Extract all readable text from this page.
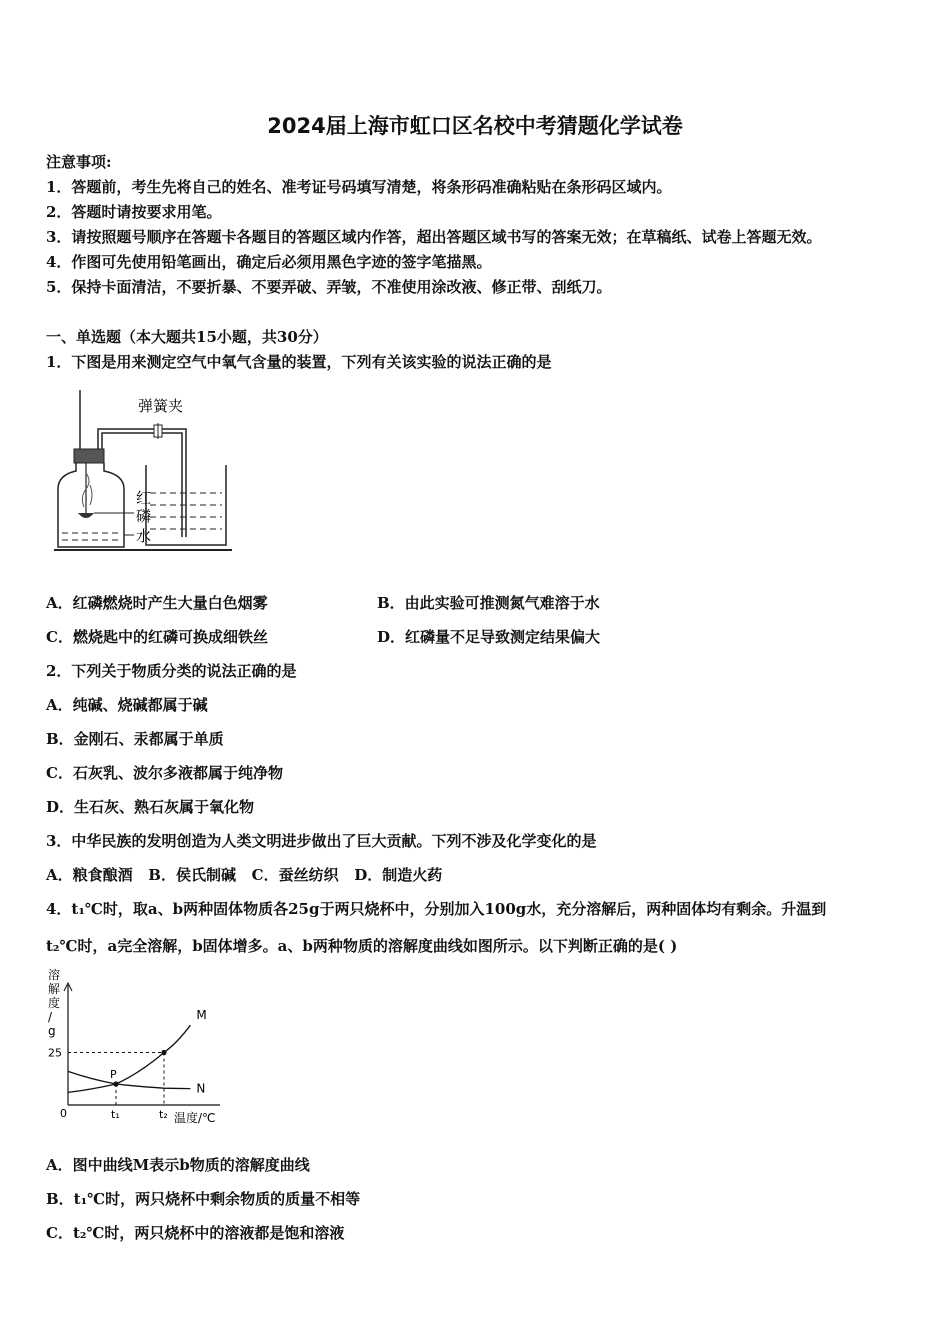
2024届上海市虹口区名校中考猜题化学试卷
注意事项:
1．答题前，考生先将自己的姓名、准考证号码填写清楚，将条形码准确粘贴在条形码区域内。
2．答题时请按要求用笔。
3．请按照题号顺序在答题卡各题目的答题区域内作答，超出答题区域书写的答案无效；在草稿纸、试卷上答题无效。
4．作图可先使用铅笔画出，确定后必须用黑色字迹的签字笔描黑。
5．保持卡面清洁，不要折暴、不要弄破、弄皱，不准使用涂改液、修正带、刮纸刀。
一、单选题（本大题共15小题，共30分）
1．下图是用来测定空气中氧气含量的装置，下列有关该实验的说法正确的是
弹簧夹
红
磷
水
A．红磷燃烧时产生大量白色烟雾	B．由此实验可推测氮气难溶于水
C．燃烧匙中的红磷可换成细铁丝	D．红磷量不足导致测定结果偏大
2．下列关于物质分类的说法正确的是
A．纯碱、烧碱都属于碱
B．金刚石、汞都属于单质
C．石灰乳、波尔多液都属于纯净物
D．生石灰、熟石灰属于氧化物
3．中华民族的发明创造为人类文明进步做出了巨大贡献。下列不涉及化学变化的是
A．粮食酿酒   B．侯氏制碱   C．蚕丝纺织   D．制造火药
4．t₁℃时，取a、b两种固体物质各25g于两只烧杯中，分别加入100g水，充分溶解后，两种固体均有剩余。升温到
t₂℃时，a完全溶解，b固体增多。a、b两种物质的溶解度曲线如图所示。以下判断正确的是( )
溶解度/ g
M
N
P
25
0	t₁	t₂ 温度/℃
A．图中曲线M表示b物质的溶解度曲线
B．t₁℃时，两只烧杯中剩余物质的质量不相等
C．t₂℃时，两只烧杯中的溶液都是饱和溶液
